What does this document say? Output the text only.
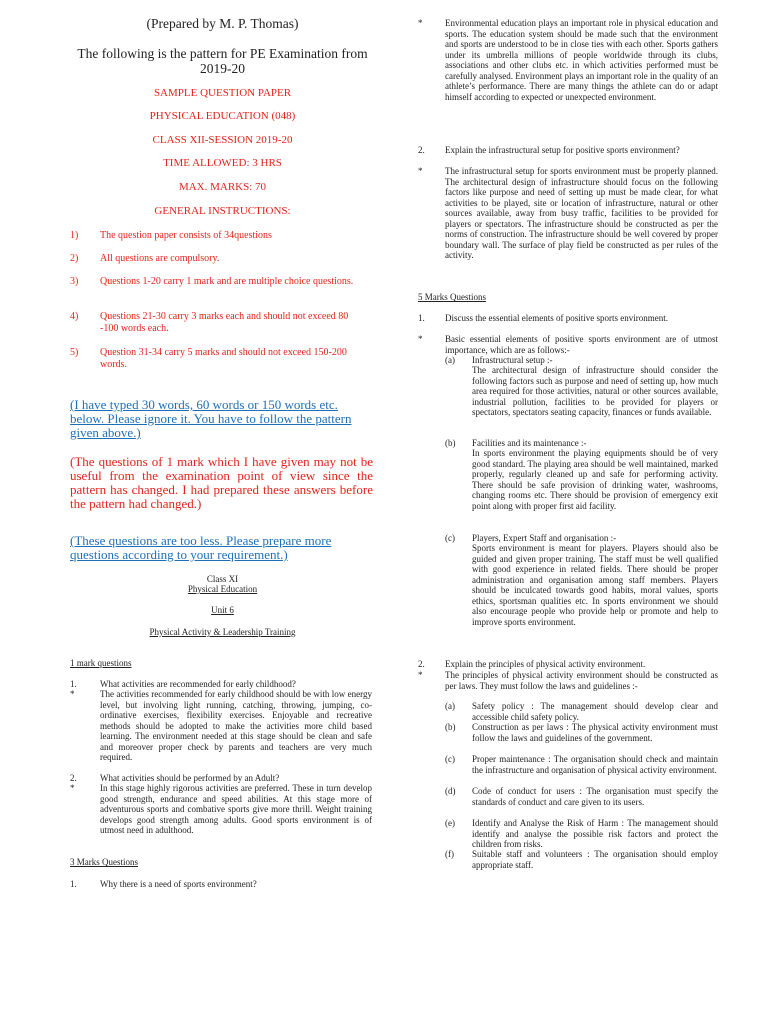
(Prepared by M. P. Thomas)
The following is the pattern for PE Examination from 2019-20
SAMPLE QUESTION PAPER
PHYSICAL EDUCATION (048)
CLASS XII-SESSION 2019-20
TIME ALLOWED: 3 HRS
MAX. MARKS: 70
GENERAL INSTRUCTIONS:
1) The question paper consists of 34questions
2) All questions are compulsory.
3) Questions 1-20 carry 1 mark and are multiple choice questions.
4) Questions 21-30 carry 3 marks each and should not exceed 80 -100 words each.
5) Question 31-34 carry 5 marks and should not exceed 150-200 words.
(I have typed 30 words, 60 words or 150 words etc. below. Please ignore it. You have to follow the pattern given above.)
(The questions of 1 mark which I have given may not be useful from the examination point of view since the pattern has changed. I had prepared these answers before the pattern had changed.)
(These questions are too less. Please prepare more questions according to your requirement.)
Class XI
Physical Education
Unit 6
Physical Activity & Leadership Training
1 mark questions
1.	What activities are recommended for early childhood?
*	The activities recommended for early childhood should be with low energy level, but involving light running, catching, throwing, jumping, co-ordinative exercises, flexibility exercises. Enjoyable and recreative methods should be adopted to make the activities more child based learning. The environment needed at this stage should be clean and safe and moreover proper check by parents and teachers are very much required.
2.	What activities should be performed by an Adult?
*	In this stage highly rigorous activities are preferred. These in turn develop good strength, endurance and speed abilities. At this stage more of adventurous sports and combative sports give more thrill. Weight training develops good strength among adults. Good sports environment is of utmost need in adulthood.
3 Marks Questions
1.	Why there is a need of sports environment?
*	Environmental education plays an important role in physical education and sports. The education system should be made such that the environment and sports are understood to be in close ties with each other. Sports gathers under its umbrella millions of people worldwide through its clubs, associations and other clubs etc. in which activities performed must be carefully analysed. Environment plays an important role in the quality of an athlete’s performance. There are many things the athlete can do or adapt himself according to expected or unexpected environment.
2. Explain the infrastructural setup for positive sports environment?
*	The infrastructural setup for sports environment must be properly planned. The architectural design of infrastructure should focus on the following factors like purpose and need of setting up must be made clear, for what activities to be played, site or location of infrastructure, natural or other sources available, away from busy traffic, facilities to be provided for players or spectators. The infrastructure should be constructed as per the norms of construction. The infrastructure should be well covered by proper boundary wall. The surface of play field be constructed as per rules of the activity.
5 Marks Questions
1. Discuss the essential elements of positive sports environment.
*	Basic essential elements of positive sports environment are of utmost importance, which are as follows:-
(a) Infrastructural setup :-
The architectural design of infrastructure should consider the following factors such as purpose and need of setting up, how much area required for those activities, natural or other sources available, industrial pollution, facilities to be provided for players or spectators, spectators seating capacity, finances or funds available.
(b) Facilities and its maintenance :-
In sports environment the playing equipments should be of very good standard. The playing area should be well maintained, marked properly, regularly cleaned up and safe for performing activity. There should be safe provision of drinking water, washrooms, changing rooms etc. There should be provision of emergency exit point along with proper first aid facility.
(c) Players, Expert Staff and organisation :-
Sports environment is meant for players. Players should also be guided and given proper training. The staff must be well qualified with good experience in related fields. There should be proper administration and organisation among staff members. Players should be inculcated towards good habits, moral values, sports ethics, sportsman qualities etc. In sports environment we should also encourage people who provide help or promote and help to improve sports environment.
2. Explain the principles of physical activity environment.
*	The principles of physical activity environment should be constructed as per laws. They must follow the laws and guidelines :-
(a) Safety policy : The management should develop clear and accessible child safety policy.
(b) Construction as per laws : The physical activity environment must follow the laws and guidelines of the government.
(c) Proper maintenance : The organisation should check and maintain the infrastructure and organisation of physical activity environment.
(d) Code of conduct for users : The organisation must specify the standards of conduct and care given to its users.
(e) Identify and Analyse the Risk of Harm : The management should identify and analyse the possible risk factors and protect the children from risks.
(f) Suitable staff and volunteers : The organisation should employ appropriate staff.
